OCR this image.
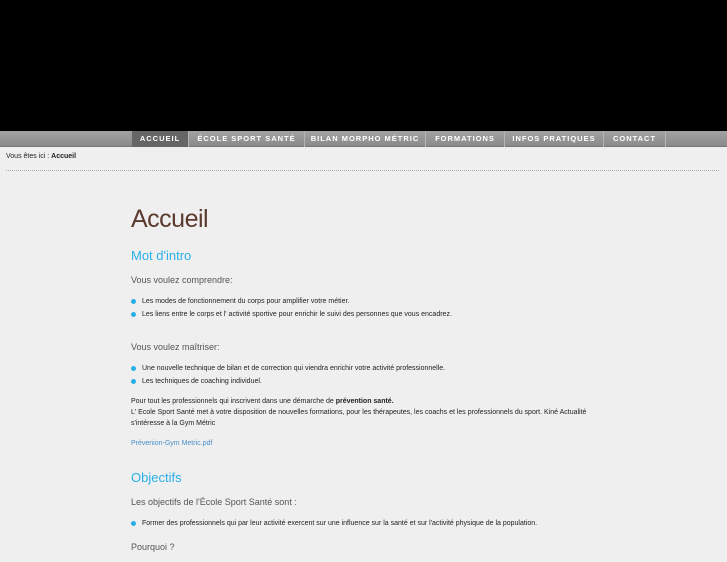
ACCUEIL	ÉCOLE SPORT SANTÉ	BILAN MORPHO MÉTRIC	FORMATIONS	INFOS PRATIQUES	CONTACT
Vous êtes ici : Accueil
Accueil
Mot d'intro
Vous voulez comprendre:
Les modes de fonctionnement du corps pour amplifier votre métier.
Les liens entre le corps et l' activité sportive pour enrichir le suivi des personnes que vous encadrez.
Vous voulez maîtriser:
Une nouvelle technique de bilan et de correction qui viendra enrichir votre activité professionnelle.
Les techniques de coaching individuel.

Pour tout les professionnels qui inscrivent dans une démarche de prévention santé.
L' Ecole Sport Santé met à votre disposition de nouvelles formations, pour les thérapeutes, les coachs et les professionnels du sport. Kiné Actualité s'intéresse à la Gym Métric

Prévenion-Gym Metric.pdf
Objectifs
Les objectifs de l'École Sport Santé sont :
Former des professionnels qui par leur activité exercent sur une influence sur la santé et sur l'activité physique de la population.
Pourquoi ?
